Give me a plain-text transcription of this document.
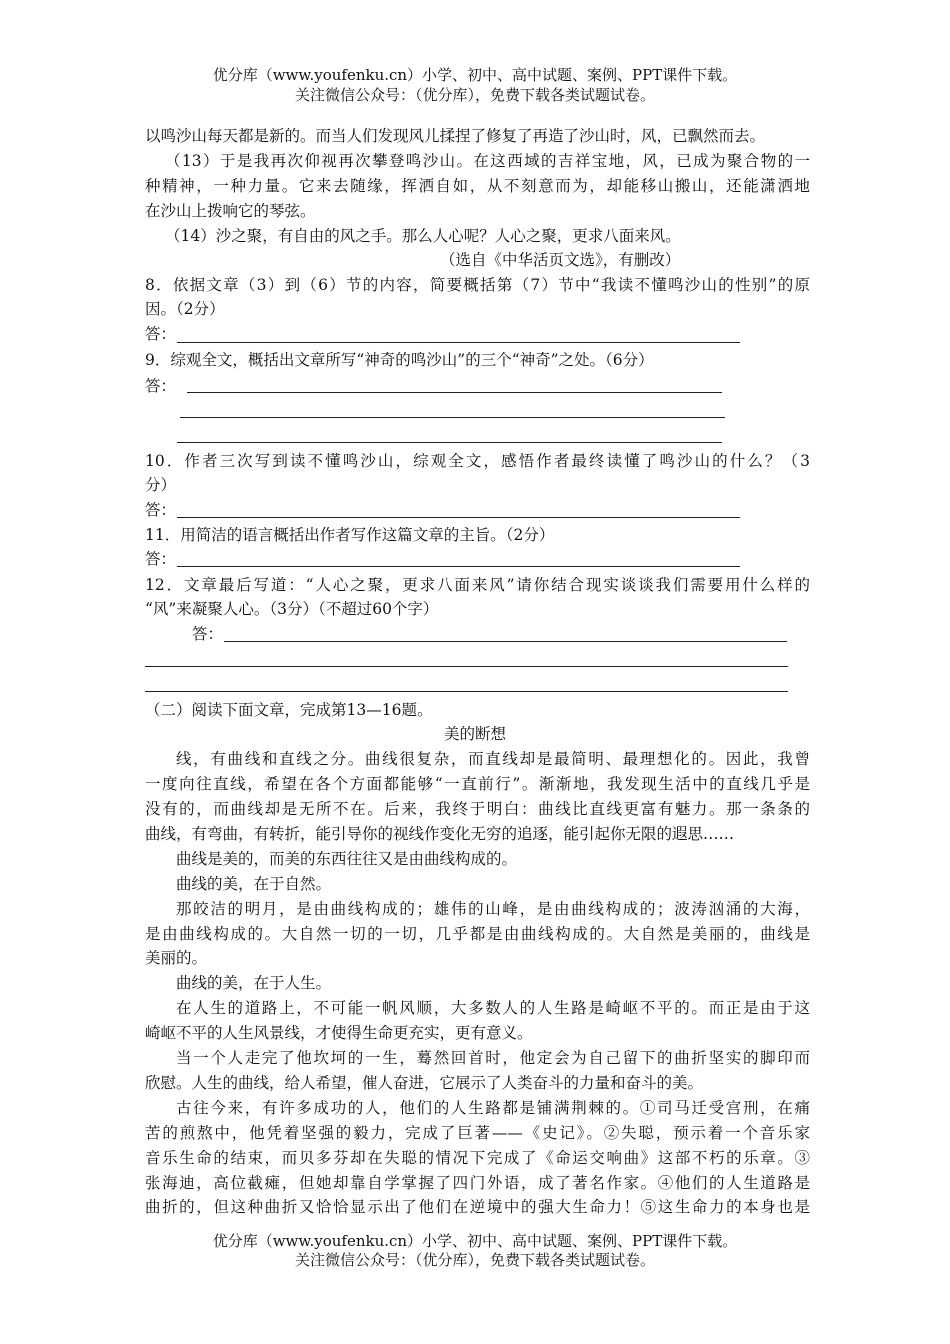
优分库（www.youfenku.cn）小学、初中、高中试题、案例、PPT课件下载。
关注微信公众号：（优分库），免费下载各类试题试卷。
以鸣沙山每天都是新的。而当人们发现风儿揉捏了修复了再造了沙山时，风，已飘然而去。
（13）于是我再次仰视再次攀登鸣沙山。在这西域的吉祥宝地，风，已成为聚合物的一
种精神，一种力量。它来去随缘，挥洒自如，从不刻意而为，却能移山搬山，还能潇洒地
在沙山上拨响它的琴弦。
（14）沙之聚，有自由的风之手。那么人心呢？人心之聚，更求八面来风。
（选自《中华活页文选》，有删改）
8．依据文章（3）到（6）节的内容，简要概括第（7）节中“我读不懂鸣沙山的性别”的原
因。（2分）
答：
9．综观全文，概括出文章所写“神奇的鸣沙山”的三个“神奇”之处。（6分）
答：
10．作者三次写到读不懂鸣沙山，综观全文，感悟作者最终读懂了鸣沙山的什么？（3
分）
答：
11．用简洁的语言概括出作者写作这篇文章的主旨。（2分）
答：
12．文章最后写道：“人心之聚，更求八面来风”请你结合现实谈谈我们需要用什么样的
“风”来凝聚人心。（3分）（不超过60个字）
答：
（二）阅读下面文章，完成第13—16题。
美的断想
线，有曲线和直线之分。曲线很复杂，而直线却是最简明、最理想化的。因此，我曾
一度向往直线，希望在各个方面都能够“一直前行”。渐渐地，我发现生活中的直线几乎是
没有的，而曲线却是无所不在。后来，我终于明白：曲线比直线更富有魅力。那一条条的
曲线，有弯曲，有转折，能引导你的视线作变化无穷的追逐，能引起你无限的遐思……
曲线是美的，而美的东西往往又是由曲线构成的。
曲线的美，在于自然。
那皎洁的明月，是由曲线构成的；雄伟的山峰，是由曲线构成的；波涛汹涌的大海，
是由曲线构成的。大自然一切的一切，几乎都是由曲线构成的。大自然是美丽的，曲线是
美丽的。
曲线的美，在于人生。
在人生的道路上，不可能一帆风顺，大多数人的人生路是崎岖不平的。而正是由于这
崎岖不平的人生风景线，才使得生命更充实，更有意义。
当一个人走完了他坎坷的一生，蓦然回首时，他定会为自己留下的曲折坚实的脚印而
欣慰。人生的曲线，给人希望，催人奋进，它展示了人类奋斗的力量和奋斗的美。
古往今来，有许多成功的人，他们的人生路都是铺满荆棘的。①司马迁受宫刑，在痛
苦的煎熬中，他凭着坚强的毅力，完成了巨著——《史记》。②失聪，预示着一个音乐家
音乐生命的结束，而贝多芬却在失聪的情况下完成了《命运交响曲》这部不朽的乐章。③
张海迪，高位截瘫，但她却靠自学掌握了四门外语，成了著名作家。④他们的人生道路是
曲折的，但这种曲折又恰恰显示出了他们在逆境中的强大生命力！⑤这生命力的本身也是
优分库（www.youfenku.cn）小学、初中、高中试题、案例、PPT课件下载。
关注微信公众号：（优分库），免费下载各类试题试卷。
